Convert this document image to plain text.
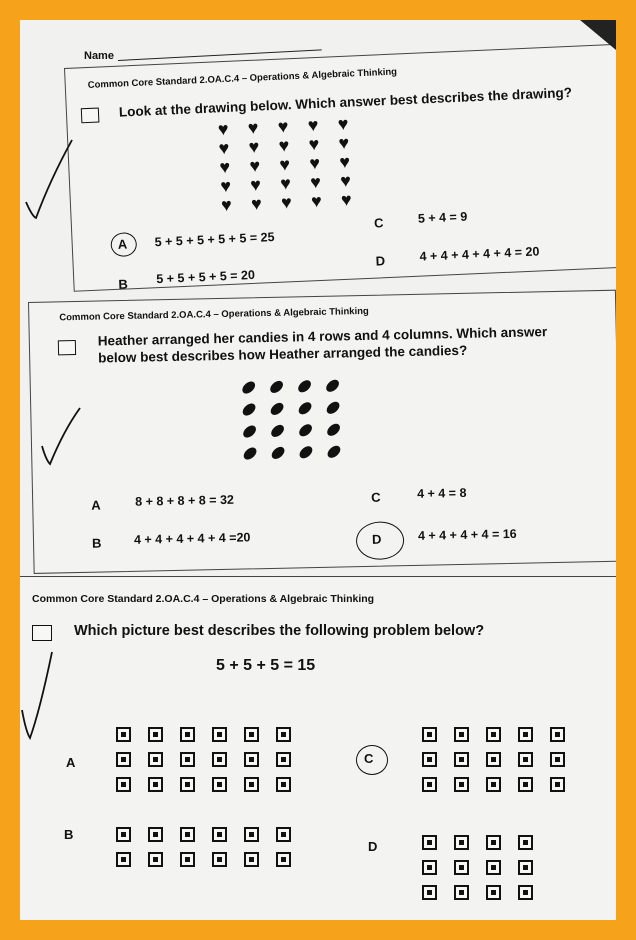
Name
Common Core Standard 2.OA.C.4 – Operations & Algebraic Thinking
Look at the drawing below. Which answer best describes the drawing?
♥ ♥ ♥ ♥ ♥
♥ ♥ ♥ ♥ ♥
♥ ♥ ♥ ♥ ♥
♥ ♥ ♥ ♥ ♥
♥ ♥ ♥ ♥ ♥
A 5 + 5 + 5 + 5 + 5 = 25
B 5 + 5 + 5 + 5 = 20
C	5 + 4 = 9
D	4 + 4 + 4 + 4 + 4 = 20
Common Core Standard 2.OA.C.4 – Operations & Algebraic Thinking
Heather arranged her candies in 4 rows and 4 columns. Which answer
below best describes how Heather arranged the candies?
⬬ ⬬ ⬬ ⬬
⬬ ⬬ ⬬ ⬬
⬬ ⬬ ⬬ ⬬
⬬ ⬬ ⬬ ⬬
A	8 + 8 + 8 + 8 = 32
B	4 + 4 + 4 + 4 + 4 =20
C	4 + 4 = 8
D	4 + 4 + 4 + 4 = 16
Common Core Standard 2.OA.C.4 – Operations & Algebraic Thinking
Which picture best describes the following problem below?
5 + 5 + 5 = 15
A
B
C
D
